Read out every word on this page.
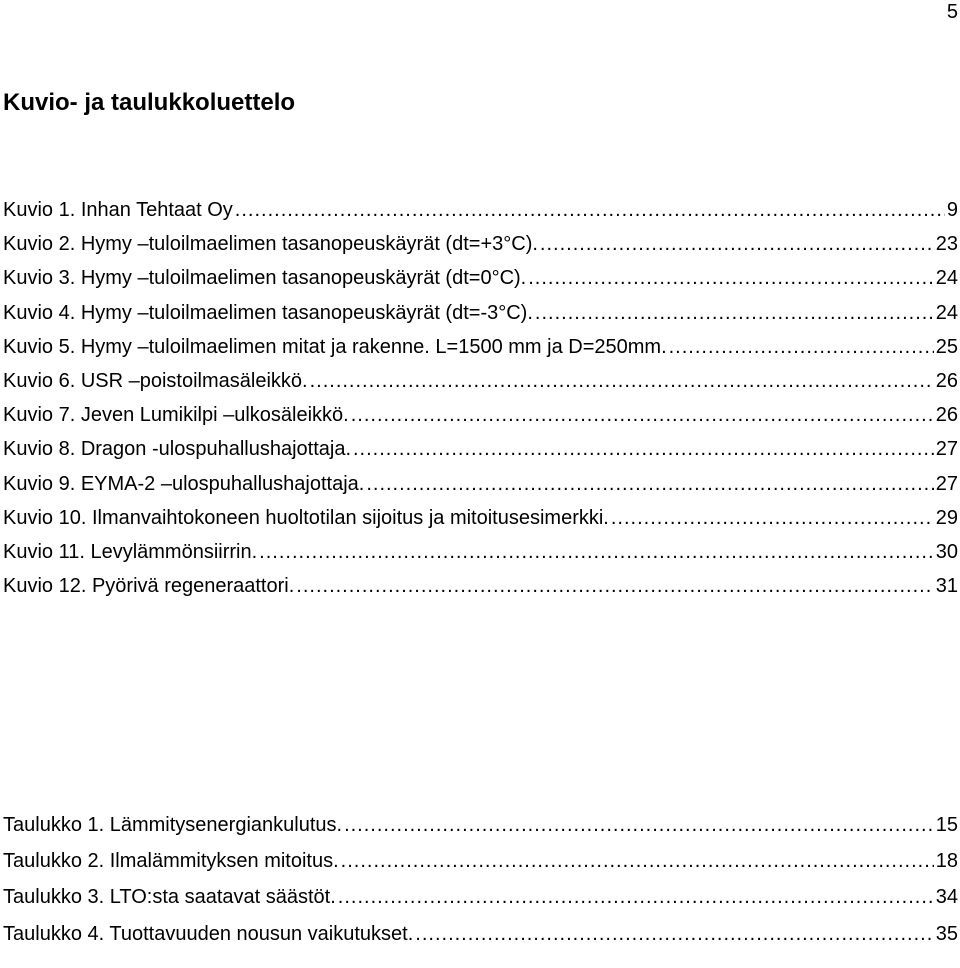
5
Kuvio- ja taulukkoluettelo
Kuvio 1. Inhan Tehtaat Oy .....	9
Kuvio 2. Hymy –tuloilmaelimen tasanopeuskäyrät (dt=+3°C). .....	23
Kuvio 3. Hymy –tuloilmaelimen tasanopeuskäyrät (dt=0°C). .....	24
Kuvio 4. Hymy –tuloilmaelimen tasanopeuskäyrät (dt=-3°C). .....	24
Kuvio 5. Hymy –tuloilmaelimen mitat ja rakenne. L=1500 mm ja D=250mm. .....	25
Kuvio 6. USR –poistoilmasäleikkö. .....	26
Kuvio 7. Jeven Lumikilpi –ulkosäleikkö. .....	26
Kuvio 8. Dragon -ulospuhallushajottaja. .....	27
Kuvio 9. EYMA-2 –ulospuhallushajottaja. .....	27
Kuvio 10. Ilmanvaihtokoneen huoltotilan sijoitus ja mitoitusesimerkki. .....	29
Kuvio 11. Levylämmönsiirrin. .....	30
Kuvio 12. Pyörivä regeneraattori. .....	31
Taulukko 1. Lämmitysenergiankulutus. .....	15
Taulukko 2. Ilmalämmityksen mitoitus. .....	18
Taulukko 3. LTO:sta saatavat säästöt. .....	34
Taulukko 4. Tuottavuuden nousun vaikutukset. .....	35
